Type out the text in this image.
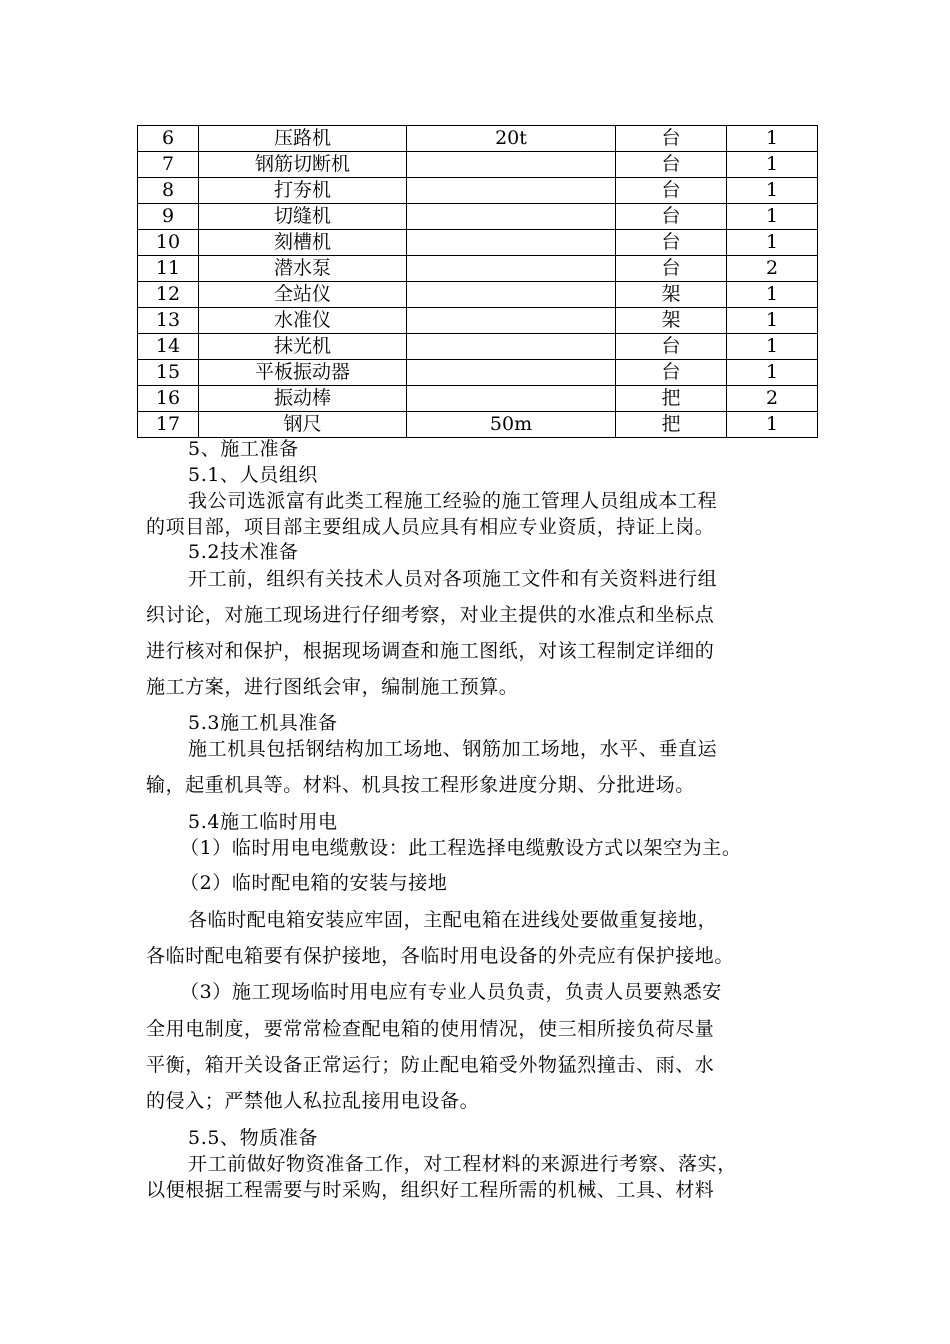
6	压路机	20t	台	1
7	钢筋切断机		台	1
8	打夯机		台	1
9	切缝机		台	1
10	刻槽机		台	1
11	潜水泵		台	2
12	全站仪		架	1
13	水准仪		架	1
14	抹光机		台	1
15	平板振动器		台	1
16	振动棒		把	2
17	钢尺	50m	把	1
5、施工准备
5.1、人员组织
我公司选派富有此类工程施工经验的施工管理人员组成本工程
的项目部，项目部主要组成人员应具有相应专业资质，持证上岗。
5.2技术准备
开工前，组织有关技术人员对各项施工文件和有关资料进行组
织讨论，对施工现场进行仔细考察，对业主提供的水准点和坐标点
进行核对和保护，根据现场调查和施工图纸，对该工程制定详细的
施工方案，进行图纸会审，编制施工预算。
5.3施工机具准备
施工机具包括钢结构加工场地、钢筋加工场地，水平、垂直运
输，起重机具等。材料、机具按工程形象进度分期、分批进场。
5.4施工临时用电
（1）临时用电电缆敷设：此工程选择电缆敷设方式以架空为主。
（2）临时配电箱的安装与接地
各临时配电箱安装应牢固，主配电箱在进线处要做重复接地，
各临时配电箱要有保护接地，各临时用电设备的外壳应有保护接地。
（3）施工现场临时用电应有专业人员负责，负责人员要熟悉安
全用电制度，要常常检查配电箱的使用情况，使三相所接负荷尽量
平衡，箱开关设备正常运行；防止配电箱受外物猛烈撞击、雨、水
的侵入；严禁他人私拉乱接用电设备。
5.5、物质准备
开工前做好物资准备工作，对工程材料的来源进行考察、落实，
以便根据工程需要与时采购，组织好工程所需的机械、工具、材料
